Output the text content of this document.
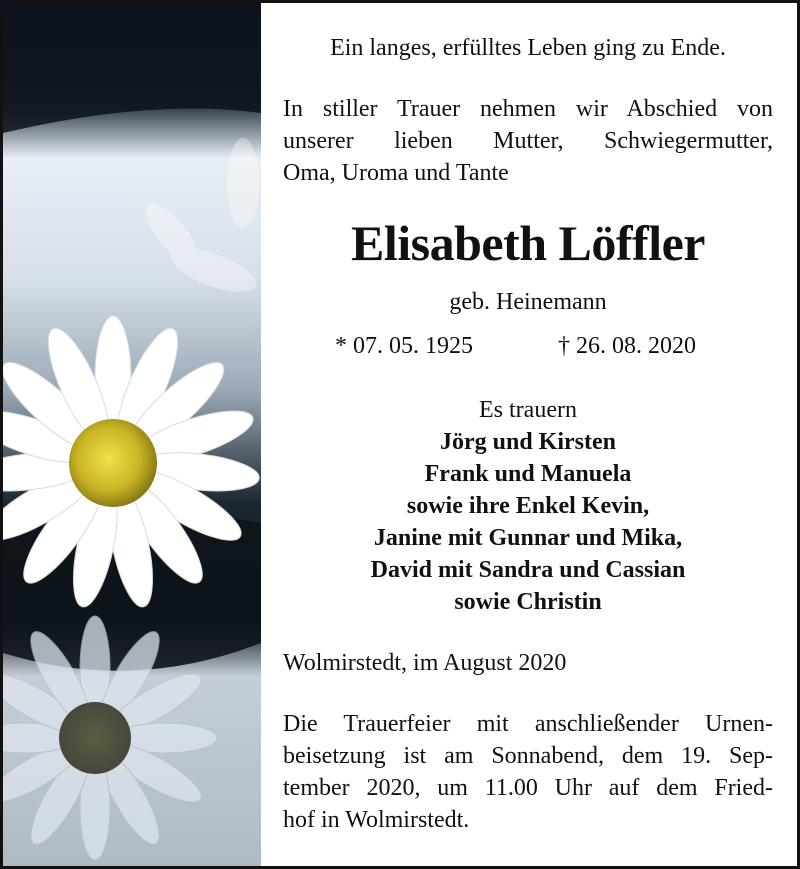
Ein langes, erfülltes Leben ging zu Ende.
In stiller Trauer nehmen wir Abschied von
unserer lieben Mutter, Schwiegermutter,
Oma, Uroma und Tante
Elisabeth Löffler
geb. Heinemann
* 07. 05. 1925	† 26. 08. 2020
Es trauern
Jörg und Kirsten
Frank und Manuela
sowie ihre Enkel Kevin,
Janine mit Gunnar und Mika,
David mit Sandra und Cassian
sowie Christin
Wolmirstedt, im August 2020
Die Trauerfeier mit anschließender Urnen-
beisetzung ist am Sonnabend, dem 19. Sep-
tember 2020, um 11.00 Uhr auf dem Fried-
hof in Wolmirstedt.
